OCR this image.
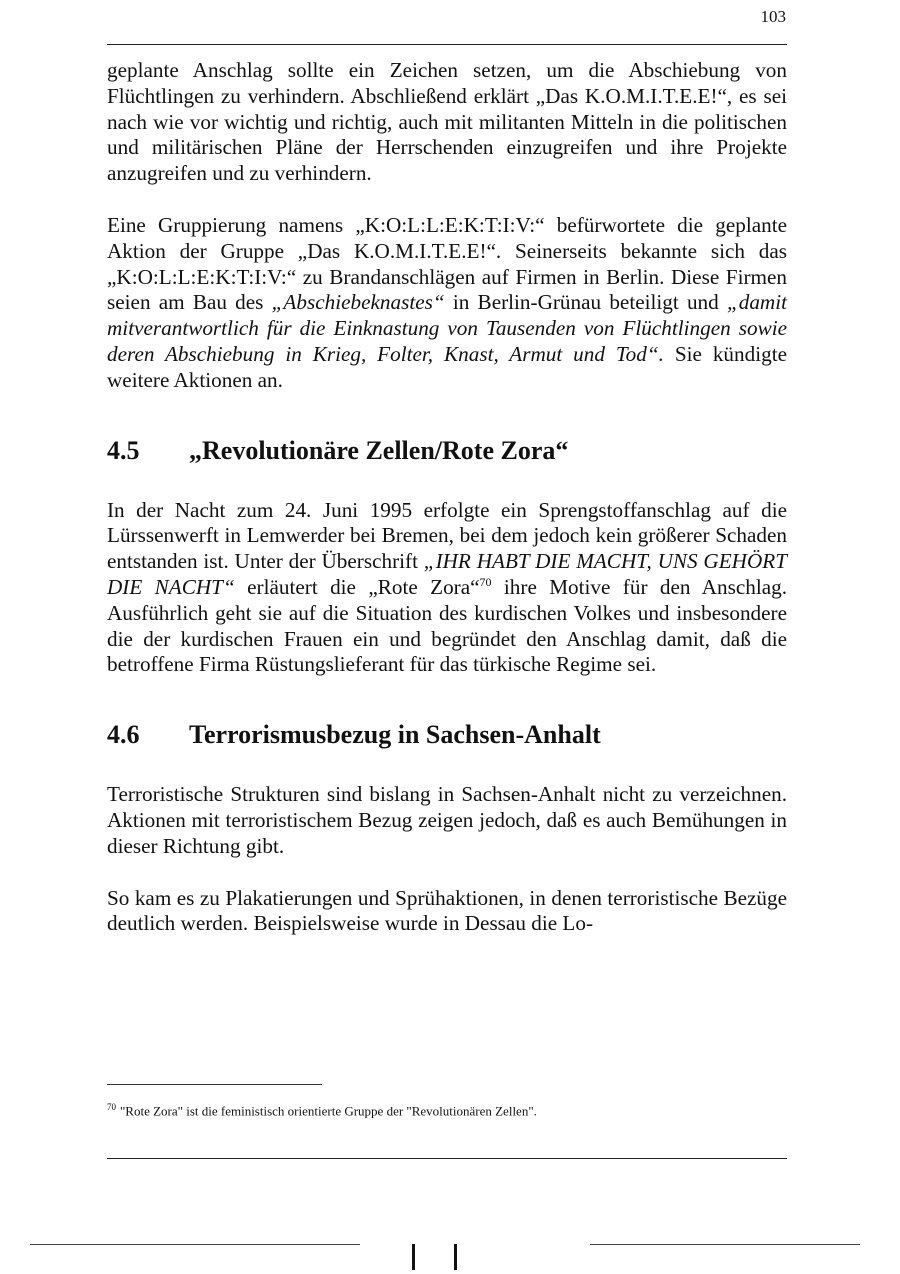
103

geplante Anschlag sollte ein Zeichen setzen, um die Abschiebung von Flüchtlingen zu verhindern. Abschließend erklärt „Das K.O.M.I.T.E.E!“, es sei nach wie vor wichtig und richtig, auch mit militanten Mitteln in die politischen und militärischen Pläne der Herrschenden einzugreifen und ihre Projekte anzugreifen und zu verhindern.

Eine Gruppierung namens „K:O:L:L:E:K:T:I:V:“ befürwortete die geplante Aktion der Gruppe „Das K.O.M.I.T.E.E!“. Seinerseits bekannte sich das „K:O:L:L:E:K:T:I:V:“ zu Brandanschlägen auf Firmen in Berlin. Diese Firmen seien am Bau des „Abschiebeknastes“ in Berlin-Grünau beteiligt und „damit mitverantwortlich für die Einknastung von Tausenden von Flüchtlingen sowie deren Abschiebung in Krieg, Folter, Knast, Armut und Tod“. Sie kündigte weitere Aktionen an.

4.5	„Revolutionäre Zellen/Rote Zora“

In der Nacht zum 24. Juni 1995 erfolgte ein Sprengstoffanschlag auf die Lürssenwerft in Lemwerder bei Bremen, bei dem jedoch kein größerer Schaden entstanden ist. Unter der Überschrift „IHR HABT DIE MACHT, UNS GEHÖRT DIE NACHT“ erläutert die „Rote Zora“$^{70}$ ihre Motive für den Anschlag. Ausführlich geht sie auf die Situation des kurdischen Volkes und insbesondere die der kurdischen Frauen ein und begründet den Anschlag damit, daß die betroffene Firma Rüstungslieferant für das türkische Regime sei.

4.6	Terrorismusbezug in Sachsen-Anhalt

Terroristische Strukturen sind bislang in Sachsen-Anhalt nicht zu verzeichnen. Aktionen mit terroristischem Bezug zeigen jedoch, daß es auch Bemühungen in dieser Richtung gibt.

So kam es zu Plakatierungen und Sprühaktionen, in denen terroristische Bezüge deutlich werden. Beispielsweise wurde in Dessau die Lo-

$^{70}$ "Rote Zora" ist die feministisch orientierte Gruppe der "Revolutionären Zellen".
